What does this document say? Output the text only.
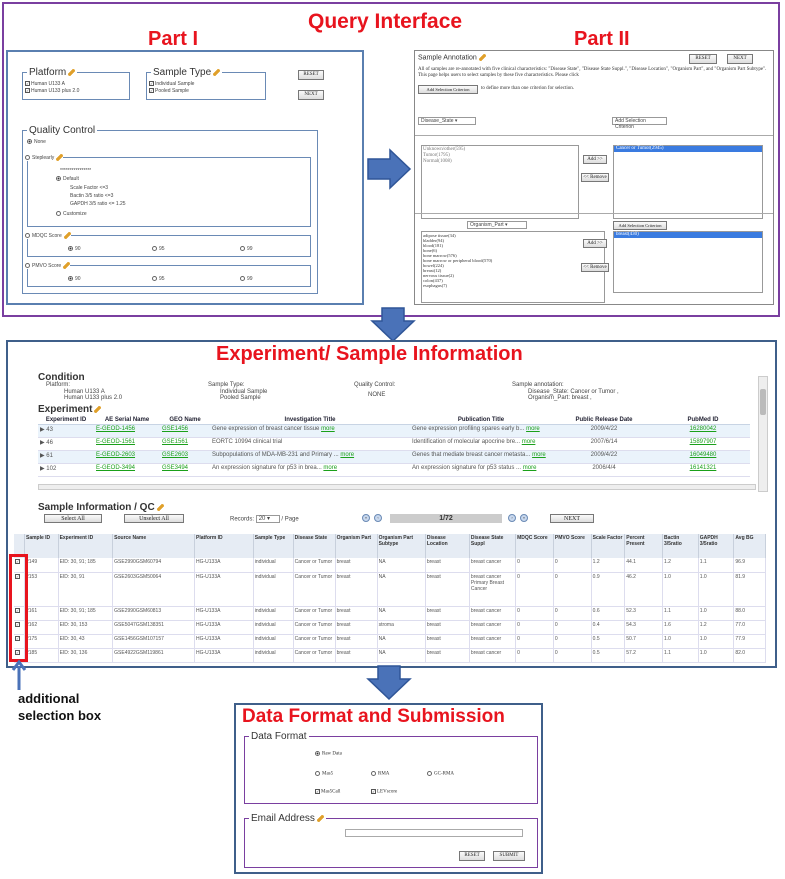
Query Interface
Part I	Part II
Platform
✓ Human U133 A
✓ Human U133 plus 2.0
Sample Type
✓ Individual Sample
✓ Pooled Sample
RESET
NEXT
Quality Control
None
Steplearly
****************
Default
Scale Factor <=3
Bactin 3/5 ratio <=3
GAPDH 3/5 ratio <= 1.25
Customize
MDQC Score
90	95	99
PMVO Score
90	95	99
Sample Annotation	RESET	NEXT
All of samples are re-annotated with five clinical characteristics: "Disease State", "Disease State Suppl.", "Disease Location", "Organism Part", and "Organism Part Subtype". This page helps users to select samples by these five characteristics. Please click
Add Selection Criterion	to define more than one criterion for selection.
Disease_State ▾	Add Selection Criterion
Unknown/other(595)
Tumor(1795)
Normal(1008)	Add >>
<< Remove
Cancer or Tumor(2945)
Organism_Part ▾	Add Selection Criterion
adipose tissue(34)
bladder(94)
blood(181)
bone(6)
bone marrow(576)
bone marrow or peripheral blood(570)
bowel(224)
breast(12)
nervous tissue(2)
colon(437)
esophagus(7)
Add >>
<< Remove
breast(430)
Experiment/ Sample Information
Condition
Platform:
Human U133 A
Human U133 plus 2.0
Sample Type:
Individual Sample
Pooled Sample
Quality Control:
NONE
Sample annotation:
Disease_State: Cancer or Tumor ,
Organism_Part: breast ,
Experiment
Experiment ID	AE Serial Name	GEO Name	Investigation Title	Publication Title	Public Release Date	PubMed ID
▶ 43	E-GEOD-1456	GSE1456	Gene expression of breast cancer tissue more	Gene expression profiling spares early b... more	2009/4/22	16280042
▶ 46	E-GEOD-1561	GSE1561	EORTC 10994 clinical trial	Identification of molecular apocrine bre... more	2007/6/14	15897907
▶ 61	E-GEOD-2603	GSE2603	Subpopulations of MDA-MB-231 and Primary ... more	Genes that mediate breast cancer metasta... more	2009/4/22	16049480
▶ 102	E-GEOD-3494	GSE3494	An expression signature for p53 in brea... more	An expression signature for p53 status ... more	2006/4/4	16141321
Sample Information / QC
Select All	Unselect All	Records: 20 ▾ / Page	«	‹	1/72	›	»	NEXT
	Sample ID	Experiment ID	Source Name	Platform ID	Sample Type	Disease State	Organism Part	Organism Part Subtype	Disease Location	Disease State Suppl	MDQC Score	PMVO Score	Scale Factor	Percent Present	Bactin 3/5ratio	GAPDH 3/5ratio	Avg BG
✓	2149	EID: 30, 91; 185	GSE2990GSM60794	HG-U133A	individual	Cancer or Tumor	breast	NA	breast	breast cancer	0	0	1.2	44.1	1.2	1.1	96.9
✓	2153	EID: 30, 91	GSE2603GSM50064	HG-U133A	individual	Cancer or Tumor	breast	NA	breast	breast cancer Primary Breast Cancer	0	0	0.9	46.2	1.0	1.0	81.9
✓	2161	EID: 30, 91; 185	GSE2990GSM60813	HG-U133A	individual	Cancer or Tumor	breast	NA	breast	breast cancer	0	0	0.6	52.3	1.1	1.0	88.0
✓	2162	EID: 30, 153	GSE5047GSM138351	HG-U133A	individual	Cancer or Tumor	breast	stroma	breast	breast cancer	0	0	0.4	54.3	1.6	1.2	77.0
✓	2175	EID: 30, 43	GSE1456GSM107157	HG-U133A	individual	Cancer or Tumor	breast	NA	breast	breast cancer	0	0	0.5	50.7	1.0	1.0	77.9
✓	2185	EID: 30, 136	GSE4922GSM119861	HG-U133A	individual	Cancer or Tumor	breast	NA	breast	breast cancer	0	0	0.5	57.2	1.1	1.0	82.0
additional selection box	Data Format and Submission
Data Format
Raw Data
Mas5	RMA	GC-RMA
✓ Mas5Call	✓ LEVscore
Email Address
RESET	SUBMIT
